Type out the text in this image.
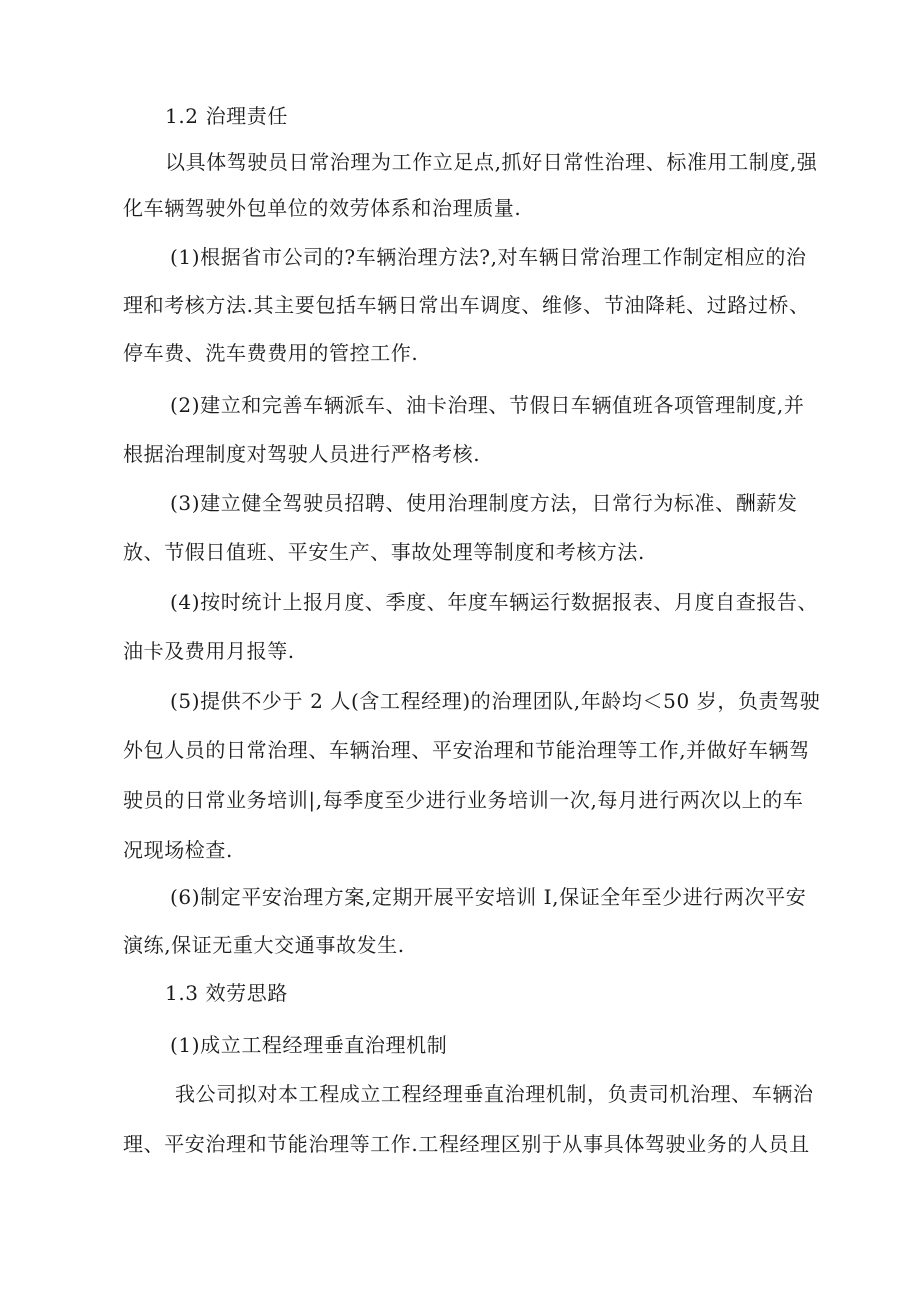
1.2 治理责任
以具体驾驶员日常治理为工作立足点,抓好日常性治理、标准用工制度,强
化车辆驾驶外包单位的效劳体系和治理质量.
(1)根据省市公司的?车辆治理方法?,对车辆日常治理工作制定相应的治
理和考核方法.其主要包括车辆日常出车调度、维修、节油降耗、过路过桥、
停车费、洗车费费用的管控工作.
(2)建立和完善车辆派车、油卡治理、节假日车辆值班各项管理制度,并
根据治理制度对驾驶人员进行严格考核.
(3)建立健全驾驶员招聘、使用治理制度方法，日常行为标准、酬薪发
放、节假日值班、平安生产、事故处理等制度和考核方法.
(4)按时统计上报月度、季度、年度车辆运行数据报表、月度自查报告、
油卡及费用月报等.
(5)提供不少于 2 人(含工程经理)的治理团队,年龄均＜50 岁，负责驾驶
外包人员的日常治理、车辆治理、平安治理和节能治理等工作,并做好车辆驾
驶员的日常业务培训|,每季度至少进行业务培训一次,每月进行两次以上的车
况现场检查.
(6)制定平安治理方案,定期开展平安培训 I,保证全年至少进行两次平安
演练,保证无重大交通事故发生.
1.3 效劳思路
(1)成立工程经理垂直治理机制
我公司拟对本工程成立工程经理垂直治理机制，负责司机治理、车辆治
理、平安治理和节能治理等工作.工程经理区别于从事具体驾驶业务的人员且
